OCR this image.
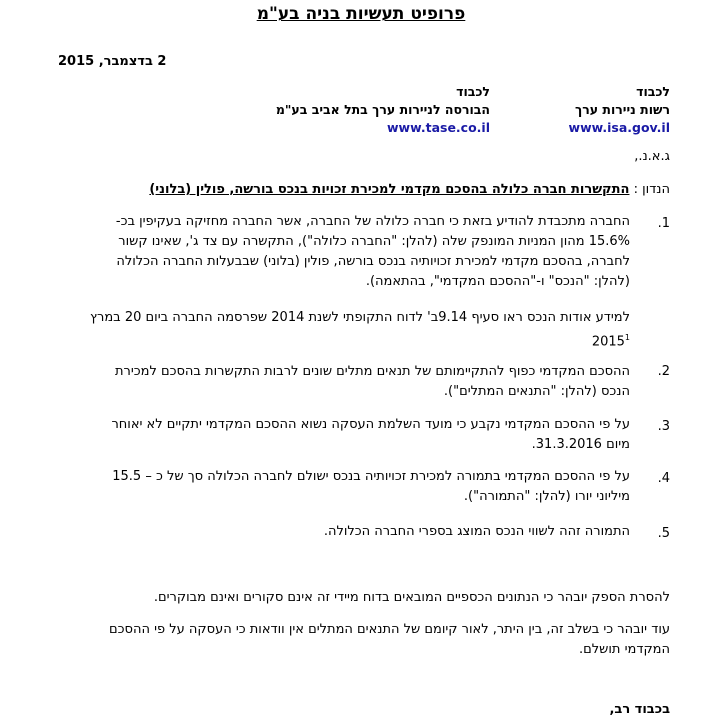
פרופיט תעשיות בניה בע"מ
2 בדצמבר, 2015
לכבוד
רשות ניירות ערך
www.isa.gov.il
לכבוד
הבורסה לניירות ערך בתל אביב בע"מ
www.tase.co.il
ג.א.נ.,
הנדון : התקשרות חברה כלולה בהסכם מקדמי למכירת זכויות בנכס בורשה, פולין (בלוני)
.1
החברה מתכבדת להודיע בזאת כי חברה כלולה של החברה, אשר החברה מחזיקה בעקיפין בכ-
15.6% מהון המניות המונפק שלה (להלן: "החברה כלולה"), התקשרה עם צד ג', שאינו קשור
לחברה, בהסכם מקדמי למכירת זכויותיה בנכס בורשה, פולין (בלוני) שבבעלות החברה הכלולה
(להלן: "הנכס" ו-"ההסכם המקדמי", בהתאמה).
למידע אודות הנכס ראו סעיף 9.14ב' לדוח התקופתי לשנת 2014 שפרסמה החברה ביום 20 במרץ
2015$^1$
.2
ההסכם המקדמי כפוף להתקיימותם של תנאים מתלים שונים לרבות התקשרות בהסכם למכירת
הנכס (להלן: "התנאים המתלים").
.3
על פי ההסכם המקדמי נקבע כי מועד השלמת העסקה נשוא ההסכם המקדמי יתקיים לא יאוחר
מיום 31.3.2016.
.4
על פי ההסכם המקדמי בתמורה למכירת זכויותיה בנכס ישולם לחברה הכלולה סך של כ – 15.5
מיליוני יורו (להלן: "התמורה").
.5
התמורה זהה לשווי הנכס המוצג בספרי החברה הכלולה.
להסרת הספק יובהר כי הנתונים הכספיים המובאים בדוח מיידי זה אינם סקורים ואינם מבוקרים.
עוד יובהר כי בשלב זה, בין היתר, לאור קיומם של התנאים המתלים אין וודאות כי העסקה על פי ההסכם
המקדמי תושלם.
בכבוד רב,
